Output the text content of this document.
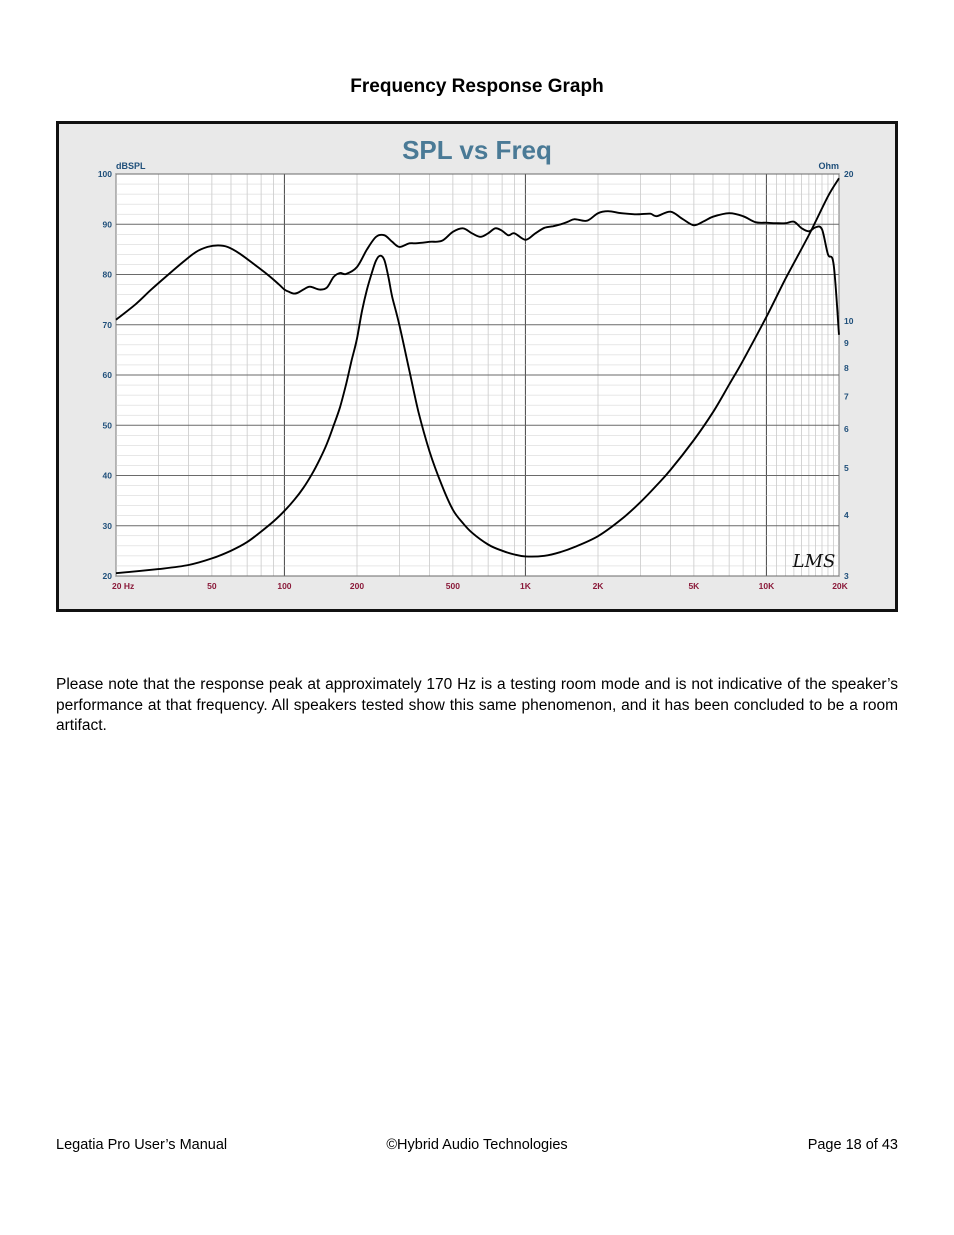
Frequency Response Graph
100
90
80
70
60
50
40
30
20
20
10
9
8
7
6
5
4
3
20 Hz	50	100	200	500	1K	2K	5K	10K	20K
SPL vs Freq
dBSPL	Ohm
LMS
Please note that the response peak at approximately 170 Hz is a testing room mode and is not indicative of the speaker’s performance at that frequency. All speakers tested show this same phenomenon, and it has been concluded to be a room artifact.
Legatia Pro User’s Manual	©Hybrid Audio Technologies	Page 18 of 43
